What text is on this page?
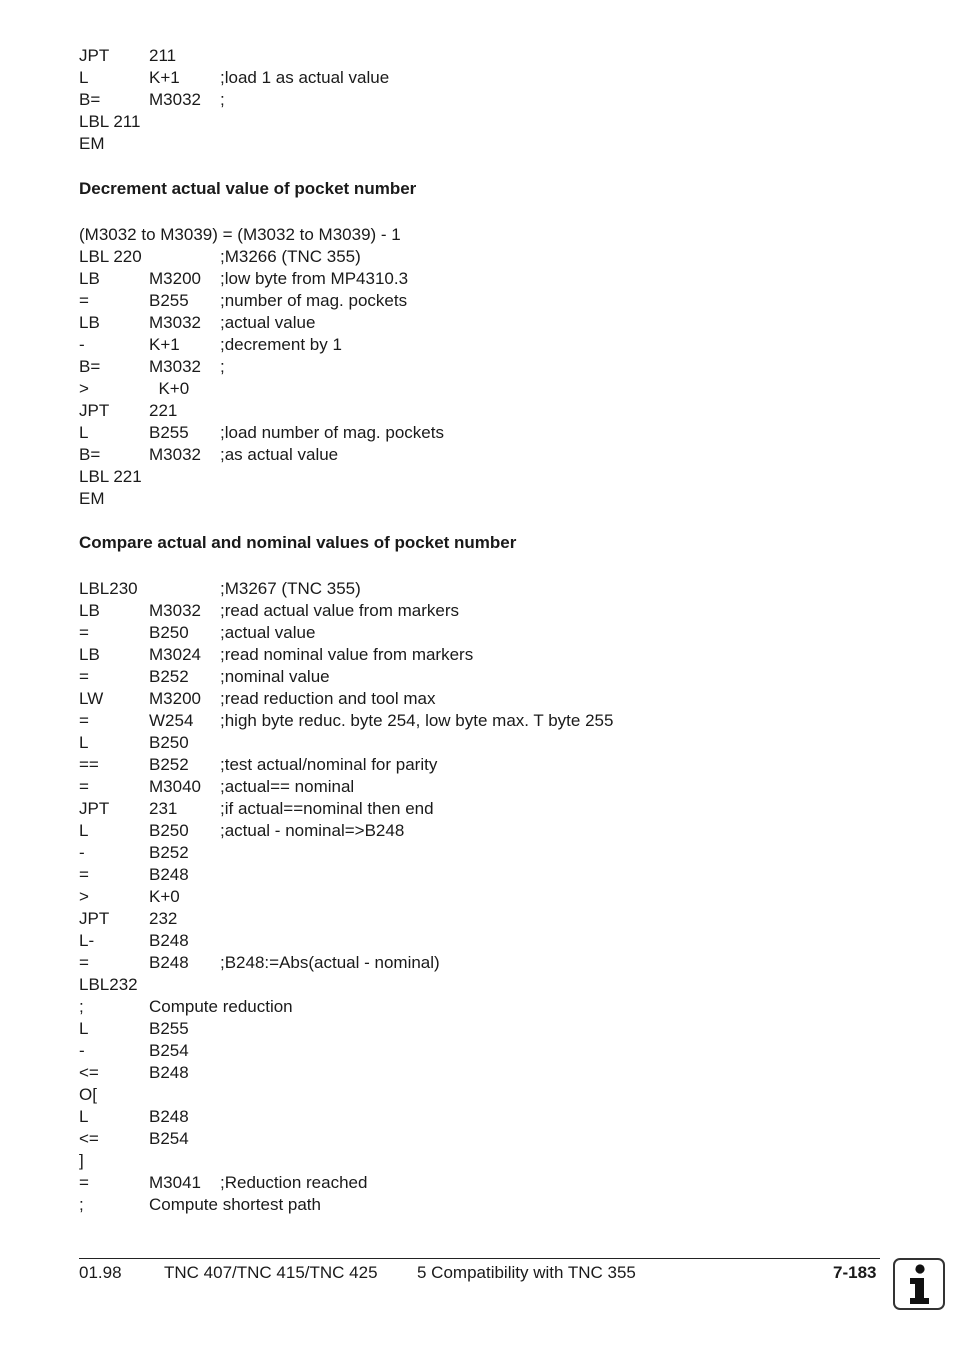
JPT 211
L	K+1 ;load 1 as actual value
B=	M3032 ;
LBL 211
EM
Decrement actual value of pocket number
(M3032 to M3039) = (M3032 to M3039) - 1
LBL 220	;M3266 (TNC 355)
LB	M3200 ;low byte from MP4310.3
=	B255 ;number of mag. pockets
LB	M3032 ;actual value
-	K+1 ;decrement by 1
B=	M3032 ;
>	K+0
JPT 221
L	B255 ;load number of mag. pockets
B=	M3032 ;as actual value
LBL 221
EM
Compare actual and nominal values of pocket number
LBL230	;M3267 (TNC 355)
LB	M3032 ;read actual value from markers
=	B250 ;actual value
LB	M3024 ;read nominal value from markers
=	B252 ;nominal value
LW	M3200 ;read reduction and tool max
=	W254 ;high byte reduc. byte 254, low byte max. T byte 255
L	B250
==	B252 ;test actual/nominal for parity
=	M3040 ;actual== nominal
JPT 231	;if actual==nominal then end
L	B250 ;actual - nominal=>B248
-	B252
=	B248
>	K+0
JPT 232
L-	B248
=	B248 ;B248:=Abs(actual - nominal)
LBL232
;	Compute reduction
L	B255
-	B254
<=	B248
O[
L	B248
<=	B254
]
=	M3041 ;Reduction reached
;	Compute shortest path
01.98 TNC 407/TNC 415/TNC 425 5 Compatibility with TNC 355	7-183
